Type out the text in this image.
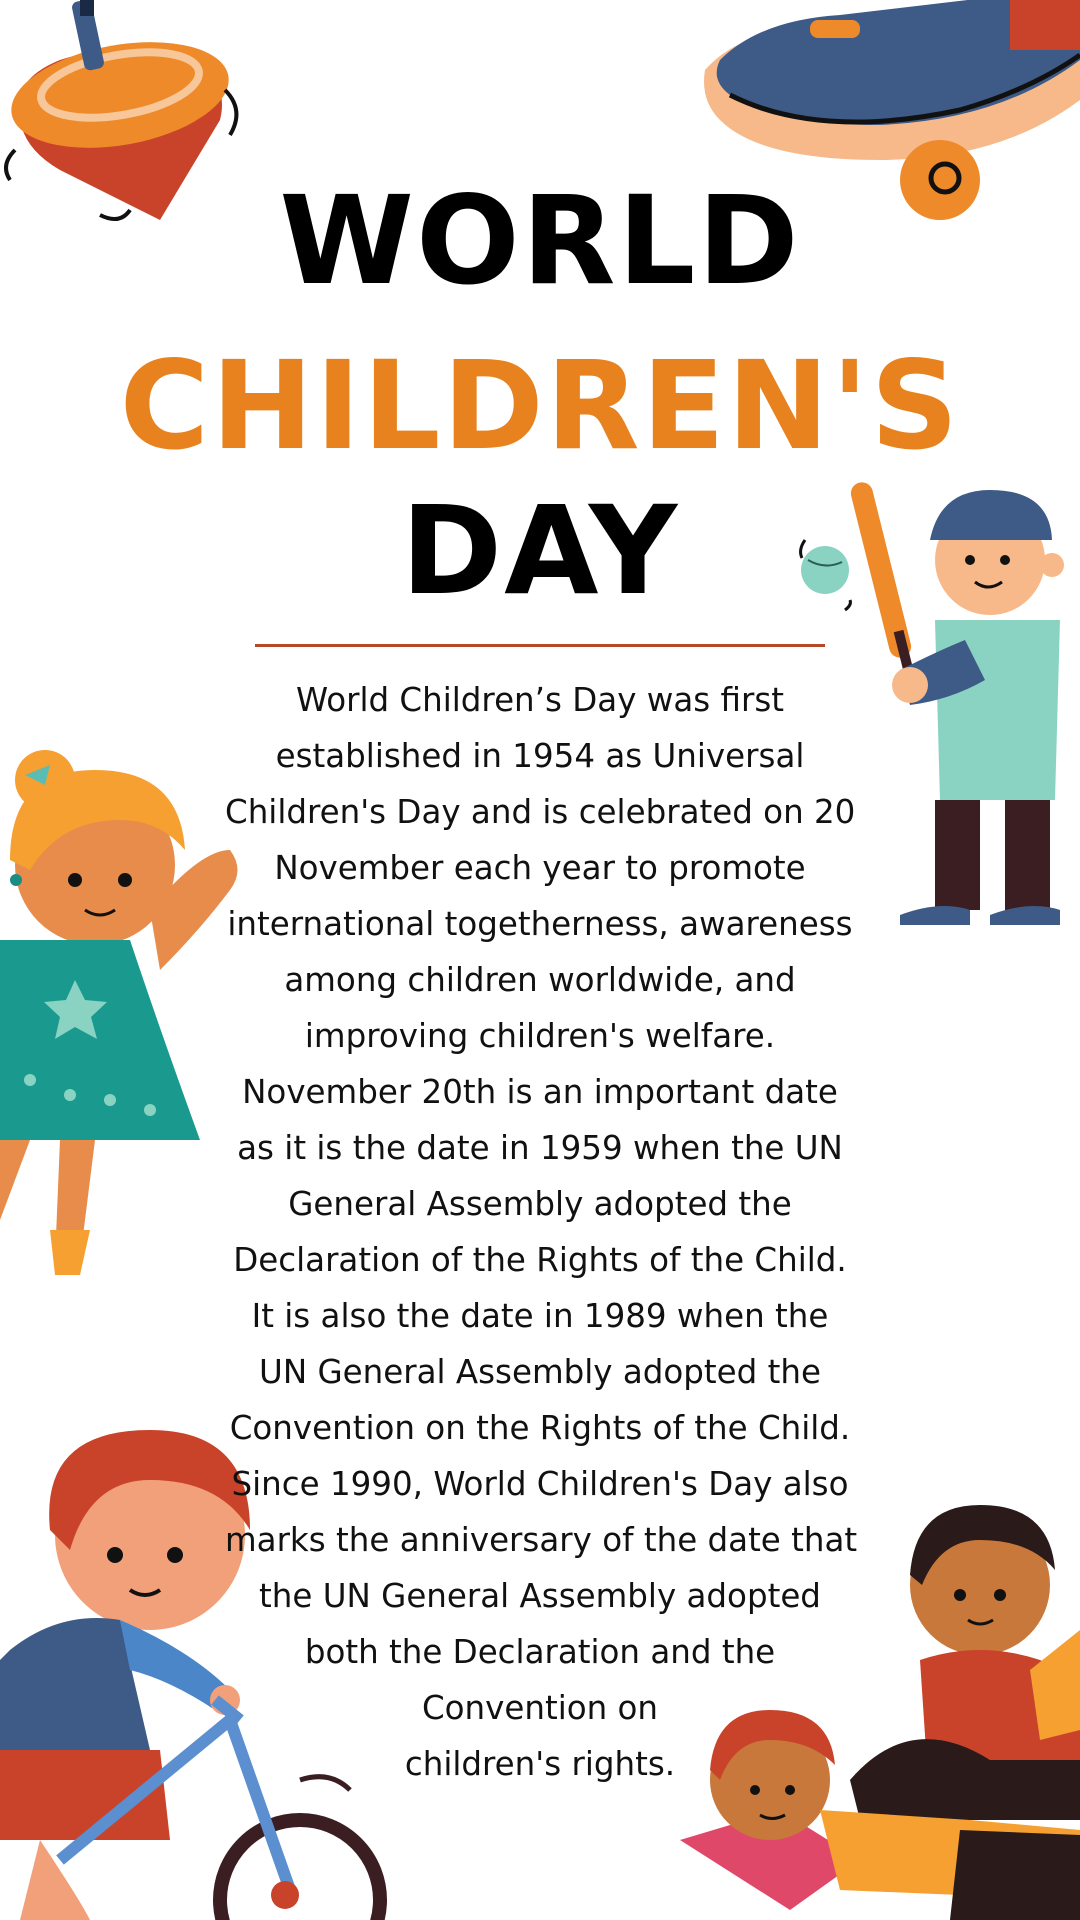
WORLD
CHILDREN'S
DAY
World Children’s Day was first
established in 1954 as Universal
Children's Day and is celebrated on 20
November each year to promote
international togetherness, awareness
among children worldwide, and
improving children's welfare.
November 20th is an important date
as it is the date in 1959 when the UN
General Assembly adopted the
Declaration of the Rights of the Child.
It is also the date in 1989 when the
UN General Assembly adopted the
Convention on the Rights of the Child.
Since 1990, World Children's Day also
marks the anniversary of the date that
the UN General Assembly adopted
both the Declaration and the
Convention on
children's rights.
